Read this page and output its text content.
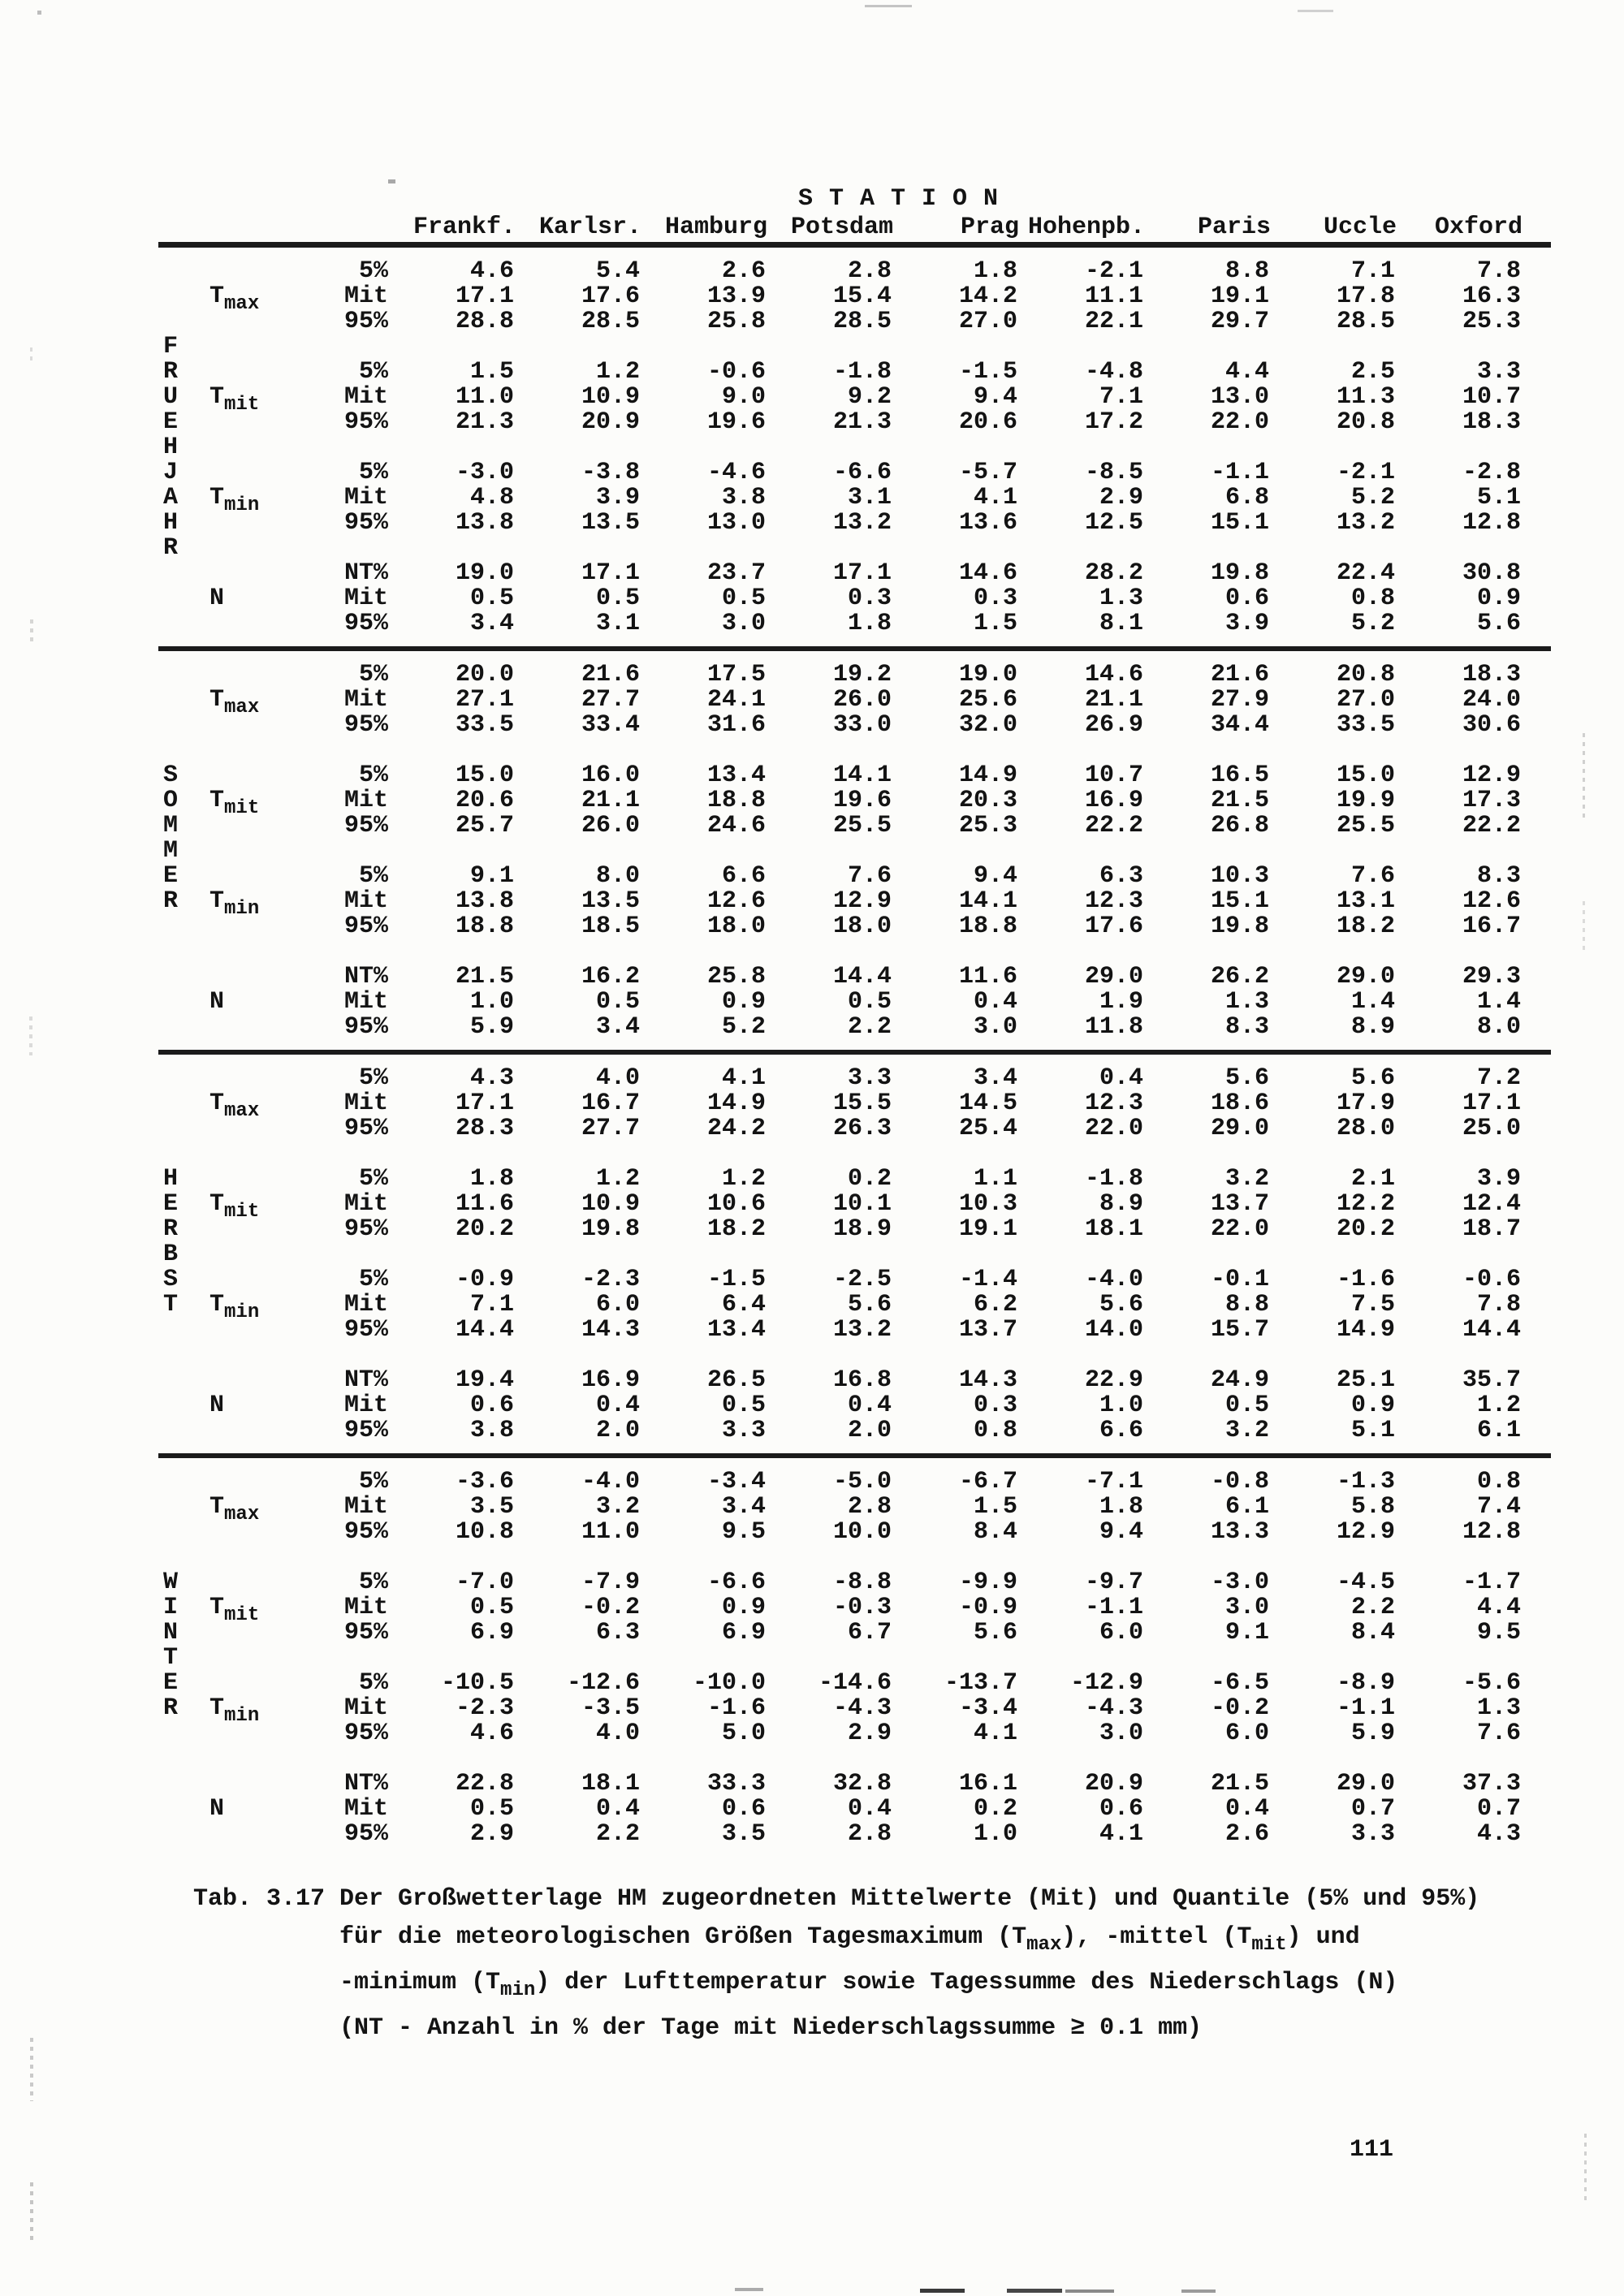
S T A T I O N
Frankf. Karlsr. Hamburg Potsdam	Prag Hohenpb.	Paris	Uccle	Oxford
5%	4.6	5.4	2.6	2.8	1.8	-2.1	8.8	7.1	7.8
$T_{max}$	Mit	17.1	17.6	13.9	15.4	14.2	11.1	19.1	17.8	16.3
95%	28.8	28.5	25.8	28.5	27.0	22.1	29.7	28.5	25.3
F
R	5%	1.5	1.2	-0.6	-1.8	-1.5	-4.8	4.4	2.5	3.3
U	$T_{mit}$	Mit	11.0	10.9	9.0	9.2	9.4	7.1	13.0	11.3	10.7
E	95%	21.3	20.9	19.6	21.3	20.6	17.2	22.0	20.8	18.3
H
J	5%	-3.0	-3.8	-4.6	-6.6	-5.7	-8.5	-1.1	-2.1	-2.8
A	$T_{min}$	Mit	4.8	3.9	3.8	3.1	4.1	2.9	6.8	5.2	5.1
H	95%	13.8	13.5	13.0	13.2	13.6	12.5	15.1	13.2	12.8
R
NT%	19.0	17.1	23.7	17.1	14.6	28.2	19.8	22.4	30.8
N	Mit	0.5	0.5	0.5	0.3	0.3	1.3	0.6	0.8	0.9
95%	3.4	3.1	3.0	1.8	1.5	8.1	3.9	5.2	5.6
5%	20.0	21.6	17.5	19.2	19.0	14.6	21.6	20.8	18.3
$T_{max}$	Mit	27.1	27.7	24.1	26.0	25.6	21.1	27.9	27.0	24.0
95%	33.5	33.4	31.6	33.0	32.0	26.9	34.4	33.5	30.6
S	5%	15.0	16.0	13.4	14.1	14.9	10.7	16.5	15.0	12.9
O	$T_{mit}$	Mit	20.6	21.1	18.8	19.6	20.3	16.9	21.5	19.9	17.3
M	95%	25.7	26.0	24.6	25.5	25.3	22.2	26.8	25.5	22.2
M
E	5%	9.1	8.0	6.6	7.6	9.4	6.3	10.3	7.6	8.3
R	$T_{min}$	Mit	13.8	13.5	12.6	12.9	14.1	12.3	15.1	13.1	12.6
95%	18.8	18.5	18.0	18.0	18.8	17.6	19.8	18.2	16.7
NT%	21.5	16.2	25.8	14.4	11.6	29.0	26.2	29.0	29.3
N	Mit	1.0	0.5	0.9	0.5	0.4	1.9	1.3	1.4	1.4
95%	5.9	3.4	5.2	2.2	3.0	11.8	8.3	8.9	8.0
5%	4.3	4.0	4.1	3.3	3.4	0.4	5.6	5.6	7.2
$T_{max}$	Mit	17.1	16.7	14.9	15.5	14.5	12.3	18.6	17.9	17.1
95%	28.3	27.7	24.2	26.3	25.4	22.0	29.0	28.0	25.0
H	5%	1.8	1.2	1.2	0.2	1.1	-1.8	3.2	2.1	3.9
E	$T_{mit}$	Mit	11.6	10.9	10.6	10.1	10.3	8.9	13.7	12.2	12.4
R	95%	20.2	19.8	18.2	18.9	19.1	18.1	22.0	20.2	18.7
B
S	5%	-0.9	-2.3	-1.5	-2.5	-1.4	-4.0	-0.1	-1.6	-0.6
T	$T_{min}$	Mit	7.1	6.0	6.4	5.6	6.2	5.6	8.8	7.5	7.8
95%	14.4	14.3	13.4	13.2	13.7	14.0	15.7	14.9	14.4
NT%	19.4	16.9	26.5	16.8	14.3	22.9	24.9	25.1	35.7
N	Mit	0.6	0.4	0.5	0.4	0.3	1.0	0.5	0.9	1.2
95%	3.8	2.0	3.3	2.0	0.8	6.6	3.2	5.1	6.1
5%	-3.6	-4.0	-3.4	-5.0	-6.7	-7.1	-0.8	-1.3	0.8
$T_{max}$	Mit	3.5	3.2	3.4	2.8	1.5	1.8	6.1	5.8	7.4
95%	10.8	11.0	9.5	10.0	8.4	9.4	13.3	12.9	12.8
W	5%	-7.0	-7.9	-6.6	-8.8	-9.9	-9.7	-3.0	-4.5	-1.7
I	$T_{mit}$	Mit	0.5	-0.2	0.9	-0.3	-0.9	-1.1	3.0	2.2	4.4
N	95%	6.9	6.3	6.9	6.7	5.6	6.0	9.1	8.4	9.5
T
E	5%	-10.5	-12.6	-10.0	-14.6	-13.7	-12.9	-6.5	-8.9	-5.6
R	$T_{min}$	Mit	-2.3	-3.5	-1.6	-4.3	-3.4	-4.3	-0.2	-1.1	1.3
95%	4.6	4.0	5.0	2.9	4.1	3.0	6.0	5.9	7.6
NT%	22.8	18.1	33.3	32.8	16.1	20.9	21.5	29.0	37.3
N	Mit	0.5	0.4	0.6	0.4	0.2	0.6	0.4	0.7	0.7
95%	2.9	2.2	3.5	2.8	1.0	4.1	2.6	3.3	4.3
Tab. 3.17 Der Großwetterlage HM zugeordneten Mittelwerte (Mit) und Quantile (5% und 95%)
für die meteorologischen Größen Tagesmaximum $(T_{max})$, -mittel $(T_{mit})$ und
-minimum $(T_{min})$ der Lufttemperatur sowie Tagessumme des Niederschlags (N)
(NT - Anzahl in % der Tage mit Niederschlagssumme ≥ 0.1 mm)
111
